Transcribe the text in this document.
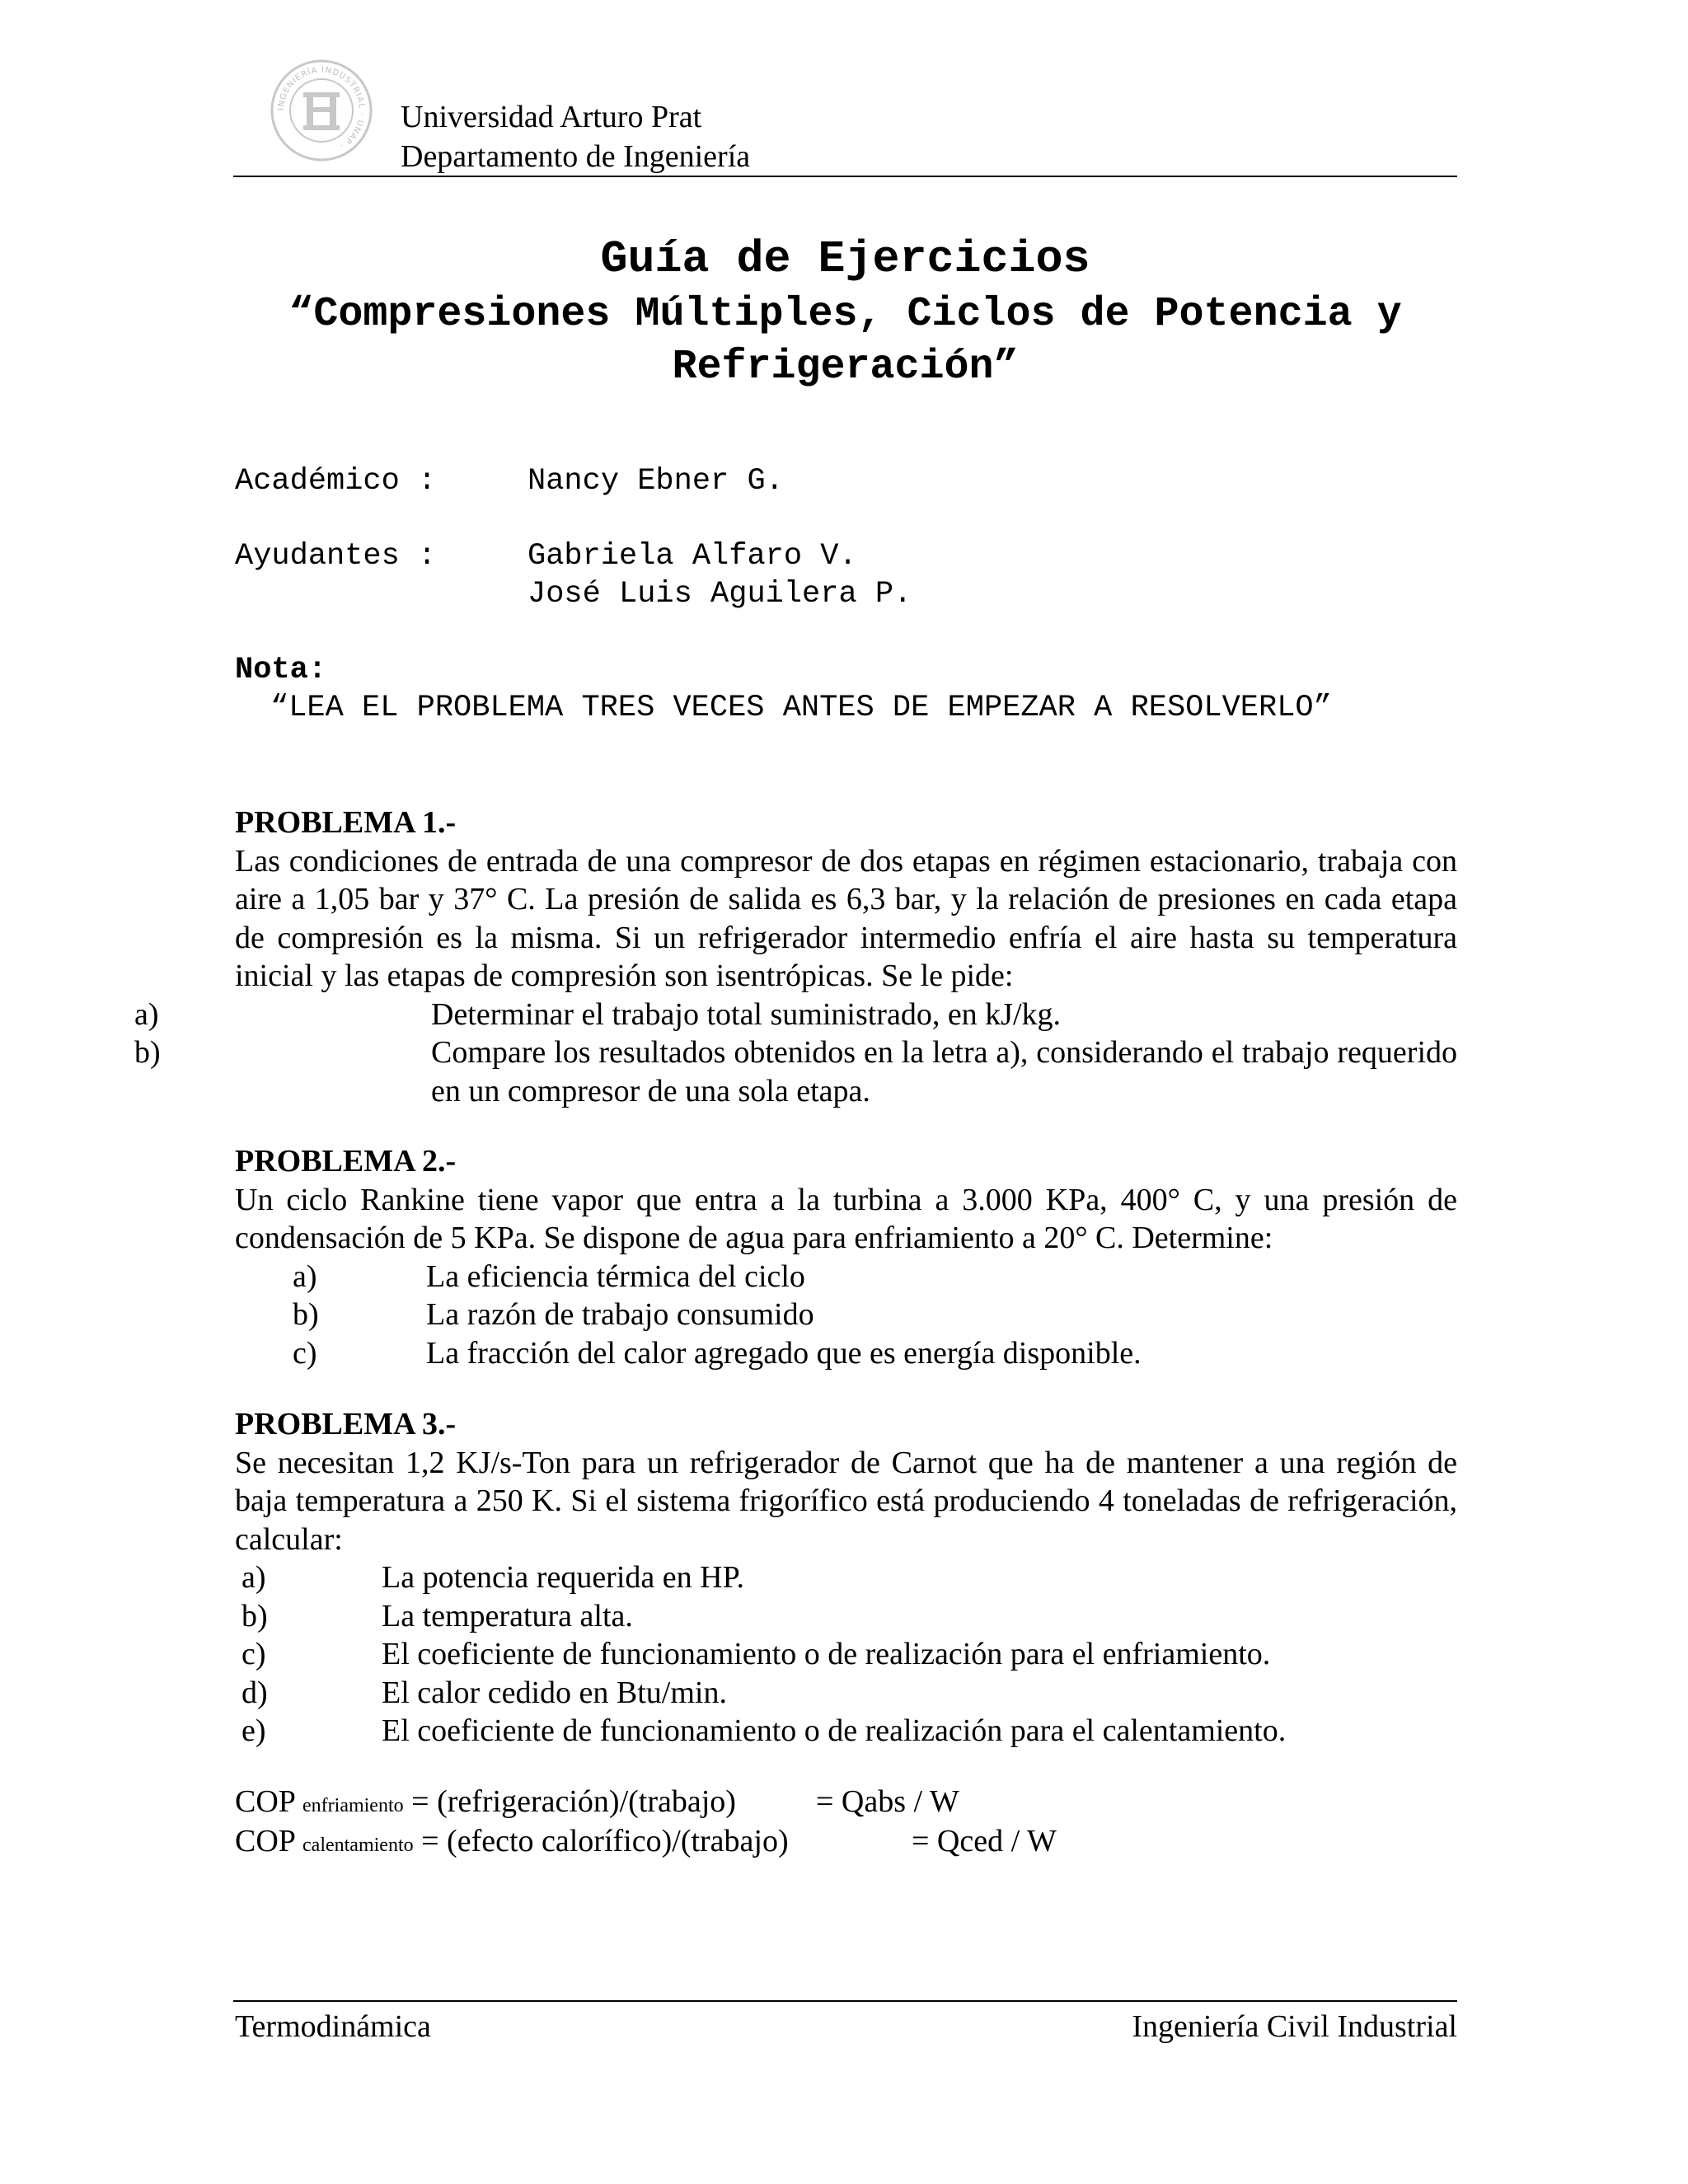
INGENIERÍA INDUSTRIAL · UNAP ·
Universidad Arturo Prat
Departamento de Ingeniería
Guía de Ejercicios
“Compresiones Múltiples, Ciclos de Potencia y
Refrigeración”
Académico :	Nancy Ebner G.
Ayudantes :	Gabriela Alfaro V.
José Luis Aguilera P.
Nota:
“LEA EL PROBLEMA TRES VECES ANTES DE EMPEZAR A RESOLVERLO”
PROBLEMA 1.-
Las condiciones de entrada de una compresor de dos etapas en régimen estacionario, trabaja con aire a 1,05 bar y 37° C. La presión de salida es 6,3 bar, y la relación de presiones en cada etapa de compresión es la misma. Si un refrigerador intermedio enfría el aire hasta su temperatura inicial y las etapas de compresión son isentrópicas. Se le pide:
a)	Determinar el trabajo total suministrado, en kJ/kg.
b)	Compare los resultados obtenidos en la letra a), considerando el trabajo requerido en un compresor de una sola etapa.
PROBLEMA 2.-
Un ciclo Rankine tiene vapor que entra a la turbina a 3.000 KPa, 400° C, y una presión de condensación de 5 KPa. Se dispone de agua para enfriamiento a 20° C. Determine:
a)	La eficiencia térmica del ciclo
b)	La razón de trabajo consumido
c)	La fracción del calor agregado que es energía disponible.
PROBLEMA 3.-
Se necesitan 1,2 KJ/s-Ton para un refrigerador de Carnot que ha de mantener a una región de baja temperatura a 250 K. Si el sistema frigorífico está produciendo 4 toneladas de refrigeración, calcular:
a)	La potencia requerida en HP.
b)	La temperatura alta.
c)	El coeficiente de funcionamiento o de realización para el enfriamiento.
d)	El calor cedido en Btu/min.
e)	El coeficiente de funcionamiento o de realización para el calentamiento.
COP enfriamiento = (refrigeración)/(trabajo)	= Qabs / W
COP calentamiento = (efecto calorífico)/(trabajo)	= Qced / W
Termodinámica	Ingeniería Civil Industrial
